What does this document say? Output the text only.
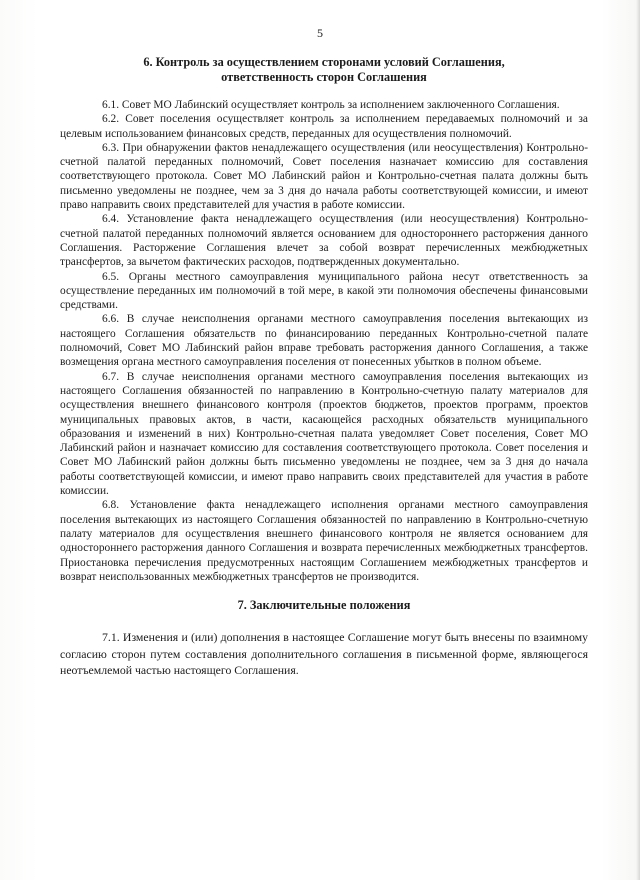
5
6. Контроль за осуществлением сторонами условий Соглашения,
ответственность сторон Соглашения

6.1. Совет МО Лабинский осуществляет контроль за исполнением заключенного Соглашения.

6.2. Совет поселения осуществляет контроль за исполнением передаваемых полномочий и за целевым использованием финансовых средств, переданных для осуществления полномочий.

6.3. При обнаружении фактов ненадлежащего осуществления (или неосуществления) Контрольно-счетной палатой переданных полномочий, Совет поселения назначает комиссию для составления соответствующего протокола. Совет МО Лабинский район и Контрольно-счетная палата должны быть письменно уведомлены не позднее, чем за 3 дня до начала работы соответствующей комиссии, и имеют право направить своих представителей для участия в работе комиссии.

6.4. Установление факта ненадлежащего осуществления (или неосуществления) Контрольно-счетной палатой переданных полномочий является основанием для одностороннего расторжения данного Соглашения. Расторжение Соглашения влечет за собой возврат перечисленных межбюджетных трансфертов, за вычетом фактических расходов, подтвержденных документально.

6.5. Органы местного самоуправления муниципального района несут ответственность за осуществление переданных им полномочий в той мере, в какой эти полномочия обеспечены финансовыми средствами.

6.6. В случае неисполнения органами местного самоуправления поселения вытекающих из настоящего Соглашения обязательств по финансированию переданных Контрольно-счетной палате полномочий, Совет МО Лабинский район вправе требовать расторжения данного Соглашения, а также возмещения органа местного самоуправления поселения от понесенных убытков в полном объеме.

6.7. В случае неисполнения органами местного самоуправления поселения вытекающих из настоящего Соглашения обязанностей по направлению в Контрольно-счетную палату материалов для осуществления внешнего финансового контроля (проектов бюджетов, проектов программ, проектов муниципальных правовых актов, в части, касающейся расходных обязательств муниципального образования и изменений в них) Контрольно-счетная палата уведомляет Совет поселения, Совет МО Лабинский район и назначает комиссию для составления соответствующего протокола. Совет поселения и Совет МО Лабинский район должны быть письменно уведомлены не позднее, чем за 3 дня до начала работы соответствующей комиссии, и имеют право направить своих представителей для участия в работе комиссии.

6.8. Установление факта ненадлежащего исполнения органами местного самоуправления поселения вытекающих из настоящего Соглашения обязанностей по направлению в Контрольно-счетную палату материалов для осуществления внешнего финансового контроля не является основанием для одностороннего расторжения данного Соглашения и возврата перечисленных межбюджетных трансфертов. Приостановка перечисления предусмотренных настоящим Соглашением межбюджетных трансфертов и возврат неиспользованных межбюджетных трансфертов не производится.

7. Заключительные положения

7.1. Изменения и (или) дополнения в настоящее Соглашение могут быть внесены по взаимному согласию сторон путем составления дополнительного соглашения в письменной форме, являющегося неотъемлемой частью настоящего Соглашения.
